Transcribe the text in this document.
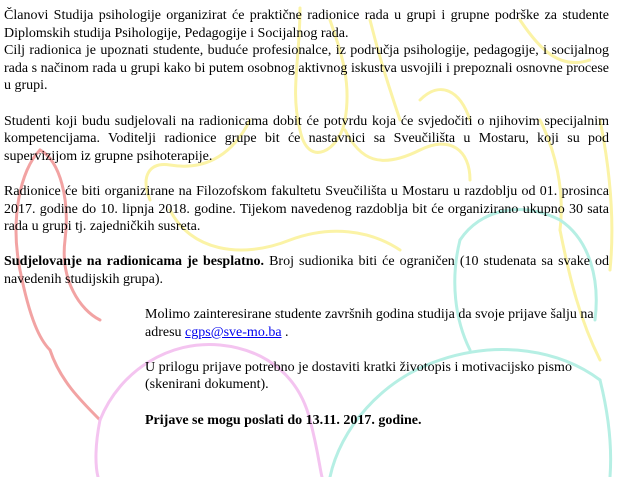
Članovi Studija psihologije organizirat će praktične radionice rada u grupi i grupne podrške za studente Diplomskih studija Psihologije, Pedagogije i Socijalnog rada.
Cilj radionica je upoznati studente, buduće profesionalce, iz područja psihologije, pedagogije, i socijalnog rada s načinom rada u grupi kako bi putem osobnog aktivnog iskustva usvojili i prepoznali osnovne procese u grupi.

Studenti koji budu sudjelovali na radionicama dobit će potvrdu koja će svjedočiti o njihovim specijalnim kompetencijama. Voditelji radionice grupe bit će nastavnici sa Sveučilišta u Mostaru, koji su pod supervizijom iz grupne psihoterapije.

Radionice će biti organizirane na Filozofskom fakultetu Sveučilišta u Mostaru u razdoblju od 01. prosinca 2017. godine do 10. lipnja 2018. godine. Tijekom navedenog razdoblja bit će organizirano ukupno 30 sata rada u grupi tj. zajedničkih susreta.

Sudjelovanje na radionicama je besplatno. Broj sudionika biti će ograničen (10 studenata sa svake od navedenih studijskih grupa).

Molimo zainteresirane studente završnih godina studija da svoje prijave šalju na adresu cgps@sve-mo.ba .

U prilogu prijave potrebno je dostaviti kratki životopis i motivacijsko pismo (skenirani dokument).

Prijave se mogu poslati do 13.11. 2017. godine.
